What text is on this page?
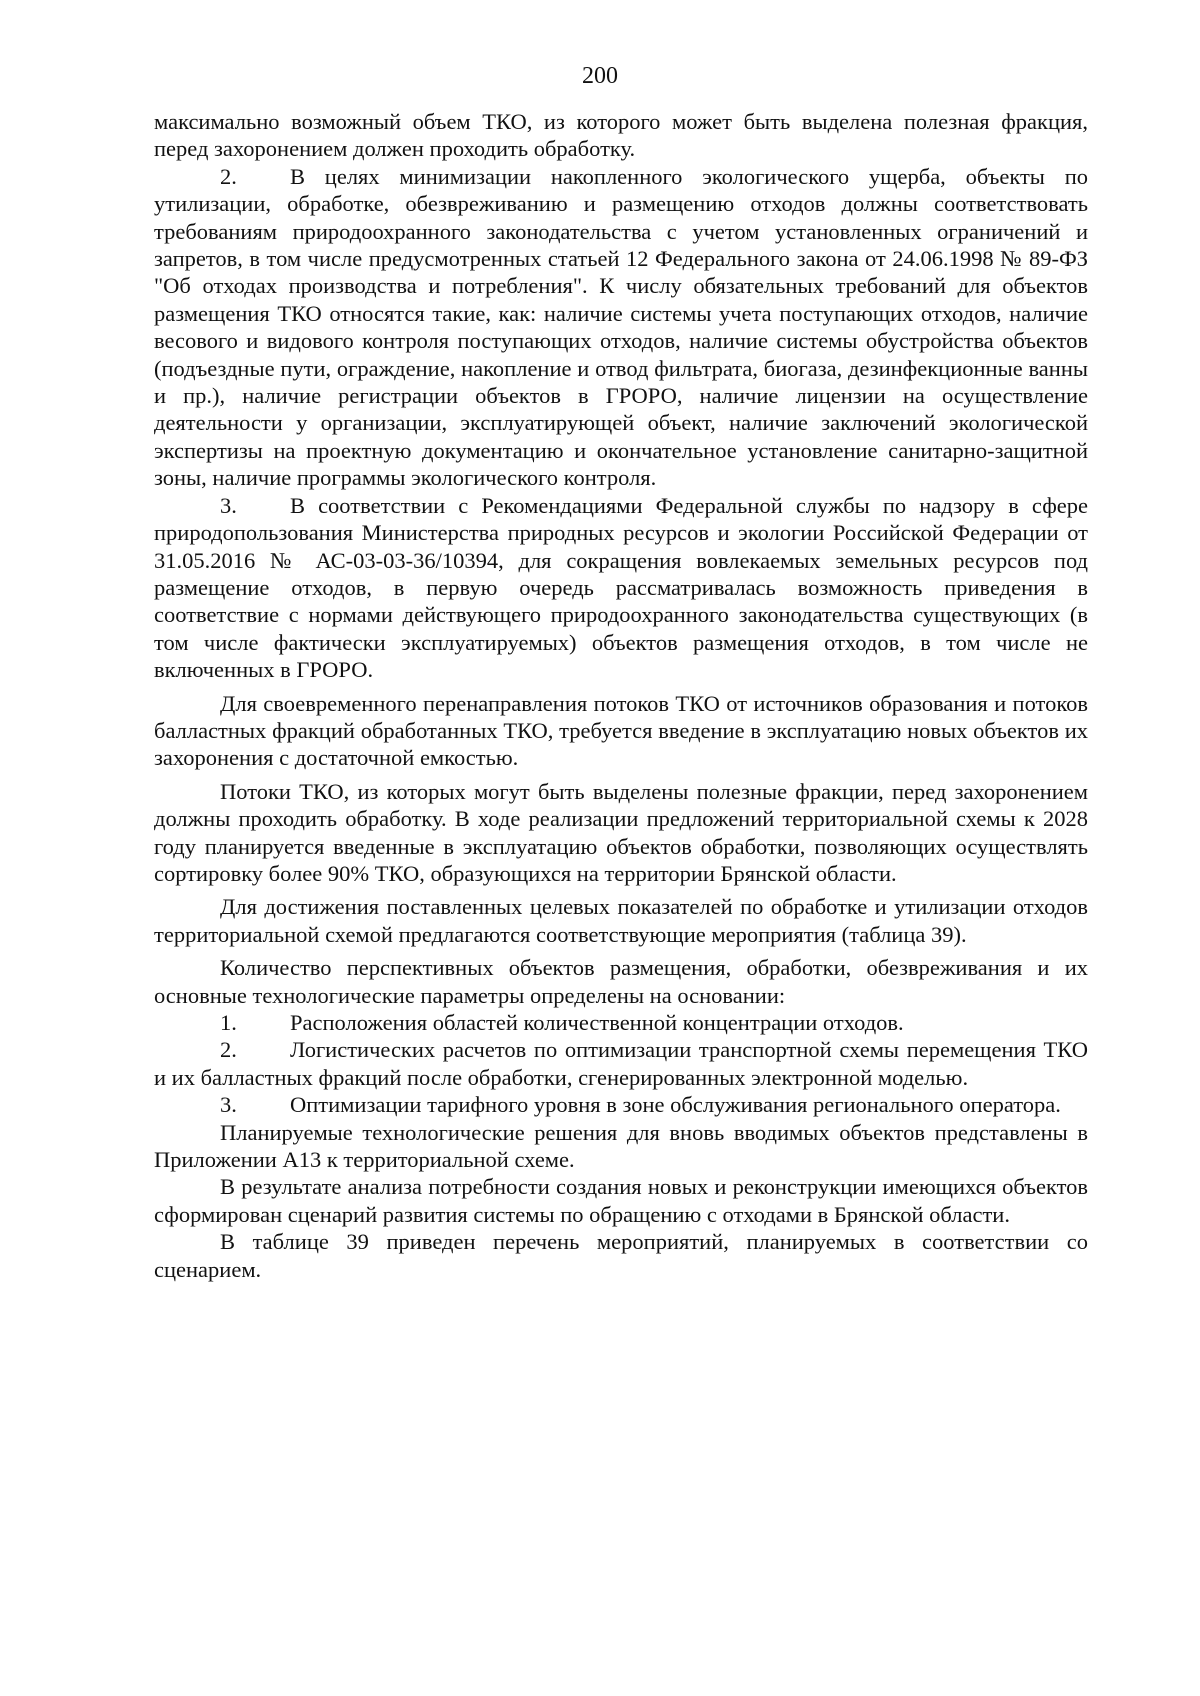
200

максимально возможный объем ТКО, из которого может быть выделена полезная фракция, перед захоронением должен проходить обработку.

2. В целях минимизации накопленного экологического ущерба, объекты по утилизации, обработке, обезвреживанию и размещению отходов должны соответствовать требованиям природоохранного законодательства с учетом установленных ограничений и запретов, в том числе предусмотренных статьей 12 Федерального закона от 24.06.1998 № 89-ФЗ "Об отходах производства и потребления". К числу обязательных требований для объектов размещения ТКО относятся такие, как: наличие системы учета поступающих отходов, наличие весового и видового контроля поступающих отходов, наличие системы обустройства объектов (подъездные пути, ограждение, накопление и отвод фильтрата, биогаза, дезинфекционные ванны и пр.), наличие регистрации объектов в ГРОРО, наличие лицензии на осуществление деятельности у организации, эксплуатирующей объект, наличие заключений экологической экспертизы на проектную документацию и окончательное установление санитарно-защитной зоны, наличие программы экологического контроля.

3. В соответствии с Рекомендациями Федеральной службы по надзору в сфере природопользования Министерства природных ресурсов и экологии Российской Федерации от 31.05.2016 № АС-03-03-36/10394, для сокращения вовлекаемых земельных ресурсов под размещение отходов, в первую очередь рассматривалась возможность приведения в соответствие с нормами действующего природоохранного законодательства существующих (в том числе фактически эксплуатируемых) объектов размещения отходов, в том числе не включенных в ГРОРО.

Для своевременного перенаправления потоков ТКО от источников образования и потоков балластных фракций обработанных ТКО, требуется введение в эксплуатацию новых объектов их захоронения с достаточной емкостью.

Потоки ТКО, из которых могут быть выделены полезные фракции, перед захоронением должны проходить обработку. В ходе реализации предложений территориальной схемы к 2028 году планируется введенные в эксплуатацию объектов обработки, позволяющих осуществлять сортировку более 90% ТКО, образующихся на территории Брянской области.

Для достижения поставленных целевых показателей по обработке и утилизации отходов территориальной схемой предлагаются соответствующие мероприятия (таблица 39).

Количество перспективных объектов размещения, обработки, обезвреживания и их основные технологические параметры определены на основании:

1. Расположения областей количественной концентрации отходов.

2. Логистических расчетов по оптимизации транспортной схемы перемещения ТКО и их балластных фракций после обработки, сгенерированных электронной моделью.

3. Оптимизации тарифного уровня в зоне обслуживания регионального оператора.

Планируемые технологические решения для вновь вводимых объектов представлены в Приложении А13 к территориальной схеме.

В результате анализа потребности создания новых и реконструкции имеющихся объектов сформирован сценарий развития системы по обращению с отходами в Брянской области.

В таблице 39 приведен перечень мероприятий, планируемых в соответствии со сценарием.
